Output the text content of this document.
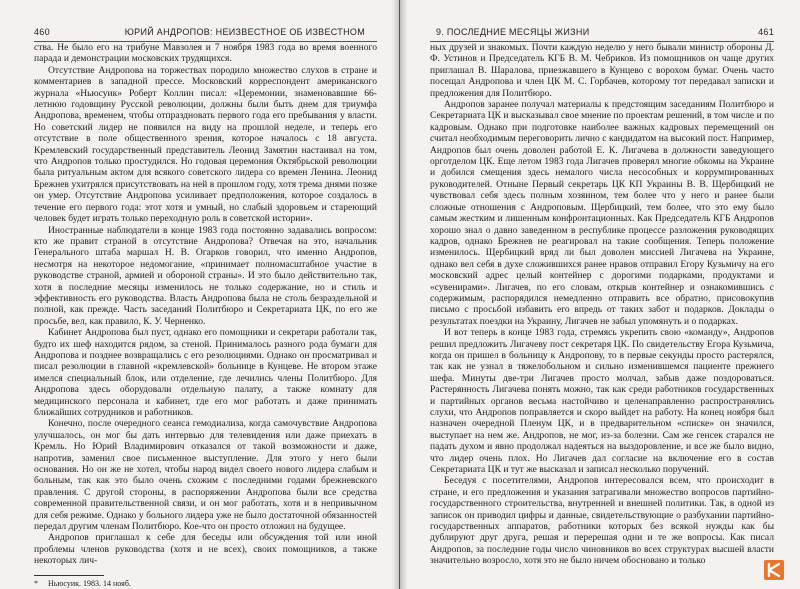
460	ЮРИЙ АНДРОПОВ: НЕИЗВЕСТНОЕ ОБ ИЗВЕСТНОМ

ства. Не было его на трибуне Мавзолея и 7 ноября 1983 года во время военного парада и демонстрации московских трудящихся.

Отсутствие Андропова на торжествах породило множество слухов в стране и комментариев в западной прессе. Московский корреспондент американского журнала «Ньюсуик» Роберт Коллин писал: «Церемонии, знаменовавшие 66-летнюю годовщину Русской революции, должны были быть днем для триумфа Андропова, временем, чтобы отпраздновать первого года его пребывания у власти. Но советский лидер не появился на виду на прошлой неделе, и теперь его отсутствие в поле общественного зрения, которое началось с 18 августа. Кремлевский государственный представитель Леонид Замятин настаивал на том, что Андропов только простудился. Но годовая церемония Октябрьской революции была ритуальным актом для всякого советского лидера со времен Ленина. Леонид Брежнев ухитрялся присутствовать на ней в прошлом году, хотя трема днями позже он умер. Отсутствие Андропова усиливает предположения, которое создалось в течение его первого года: этот хотя и умный, но слабый здоровьем и стареющий человек будет играть только переходную роль в советской истории».

Иностранные наблюдатели в конце 1983 года постоянно задавались вопросом: кто же правит страной в отсутствие Андропова? Отвечая на это, начальник Генерального штаба маршал Н. В. Огарков говорил, что именно Андропов, несмотря на некоторое недомогание, «принимает полномасштабное участие в руководстве страной, армией и обороной страны». И это было действительно так, хотя в последние месяцы изменилось не только содержание, но и стиль и эффективность его руководства. Власть Андропова была не столь безраздельной и полной, как прежде. Часть заседаний Политбюро и Секретариата ЦК, по его же просьбе, вел, как правило, К. У. Черненко.

Кабинет Андропова был пуст, однако его помощники и секретари работали так, будто их шеф находится рядом, за стеной. Принималось разного рода бумаги для Андропова и позднее возвращались с его резолюциями. Однако он просматривал и писал резолюции в главной «кремлевской» больнице в Кунцеве. Не втором этаже имелся специальный блок, или отделение, где лечились члены Политбюро. Для Андропова здесь оборудовали отдельную палату, а также комнату для медицинского персонала и кабинет, где его мог работать и даже принимать ближайших сотрудников и работников.

Конечно, после очередного сеанса гемодиализа, когда самочувствие Андропова улучшалось, он мог бы дать интервью для телевидения или даже приехать в Кремль. Но Юрий Владимирович отказался от такой возможности и даже, напротив, заменил свое письменное выступление. Для этого у него были основания. Но он же не хотел, чтобы народ видел своего нового лидера слабым и больным, так как это было очень схожим с последними годами брежневского правления. С другой стороны, в распоряжении Андропова были все средства современной правительственной связи, и он мог работать, хотя и в непривычном для себя режиме. Однако у больного лидера уже не было достаточной обязанностей передал другим членам Политбюро. Кое-что он просто отложил на будущее.

Андропов приглашал к себе для беседы или обсуждения той или иной проблемы членов руководства (хотя и не всех), своих помощников, а также некоторых лич-

* Ньюсуик. 1983. 14 нояб.
9. ПОСЛЕДНИЕ МЕСЯЦЫ ЖИЗНИ	461

ных друзей и знакомых. Почти каждую неделю у него бывали министр обороны Д. Ф. Устинов и Председатель КГБ В. М. Чебриков. Из помощников он чаще других приглашал В. Шаралова, приезжавшего в Кунцево с ворохом бумаг. Очень часто посещал Андропова и член ЦК М. С. Горбачев, которому тот передавал записки и предложения для Политбюро.

Андропов заранее получал материалы к предстоящим заседаниям Политбюро и Секретариата ЦК и высказывал свое мнение по проектам решений, в том числе и по кадровым. Однако при подготовке наиболее важных кадровых перемещений он считал необходимым переговорить лично с кандидатом на высокий пост. Например, Андропов был очень доволен работой Е. К. Лигачева в должности заведующего орготделом ЦК. Еще летом 1983 года Лигачев проверял многие обкомы на Украине и добился смещения здесь немалого числа несособных и коррумпированных руководителей. Отныне Первый секретарь ЦК КП Украины В. В. Щербицкий не чувствовал себя здесь полным хозяином, тем более что у него и ранее были сложные отношения с Андроповым. Щербицкий, тем более, что это ему было самым жестким и лишенным конфронтационных. Как Председатель КГБ Андропов хорошо знал о давно заведенном в республике процессе разложения руководящих кадров, однако Брежнев не реагировал на такие сообщения. Теперь положение изменилось. Щербицкий вряд ли был доволен миссией Лигачева на Украине, однако вел себя в духе сложившихся ранее нравов отправил Егору Кузьмичу на его московский адрес целый контейнер с дорогими подарками, продуктами и «сувенирами». Лигачев, по его словам, открыв контейнер и ознакомившись с содержимым, распорядился немедленно отправить все обратно, присовокупив письмо с просьбой избавить его впредь от таких забот и подарков. Доклады о результатах поездки на Украину, Лигачев не забыл упомянуть и о подарках.

И вот теперь в конце 1983 года, стремясь укрепить свою «команду», Андропов решил предложить Лигачеву пост секретаря ЦК. По свидетельству Егора Кузьмича, когда он пришел в больницу к Андропову, то в первые секунды просто растерялся, так как не узнал в тяжелобольном и сильно изменившемся пациенте прежнего шефа. Минуты две-три Лигачев просто молчал, забыв даже поздороваться. Растерянность Лигачева понять можно, так как среди работников государственных и партийных органов весьма настойчиво и целенаправленно распространялись слухи, что Андропов поправляется и скоро выйдет на работу. На конец ноября был назначен очередной Пленум ЦК, и в предварительном «списке» он значился, выступает на нем же. Андропов, не мог, из-за болезни. Сам же генсек старался не падать духом и явно продолжал надеяться на выздоровление, и все же было видно, что лидер очень плох. Но Лигачев дал согласие на включение его в состав Секретариата ЦК и тут же высказал и записал несколько поручений.

Беседуя с посетителями, Андропов интересовался всем, что происходит в стране, и его предложения и указания затрагивали множество вопросов партийно-государственного строительства, внутренней и внешней политики. Так, в одной из записок он приводил цифры и данные, свидетельствующие о разбухании партийно-государственных аппаратов, работники которых без всякой нужды как бы дублируют друг друга, решая и перерешая одни и те же вопросы. Как писал Андропов, за последние годы число чиновников во всех структурах высшей власти значительно возросло, хотя это не было ничем обосновано и только
